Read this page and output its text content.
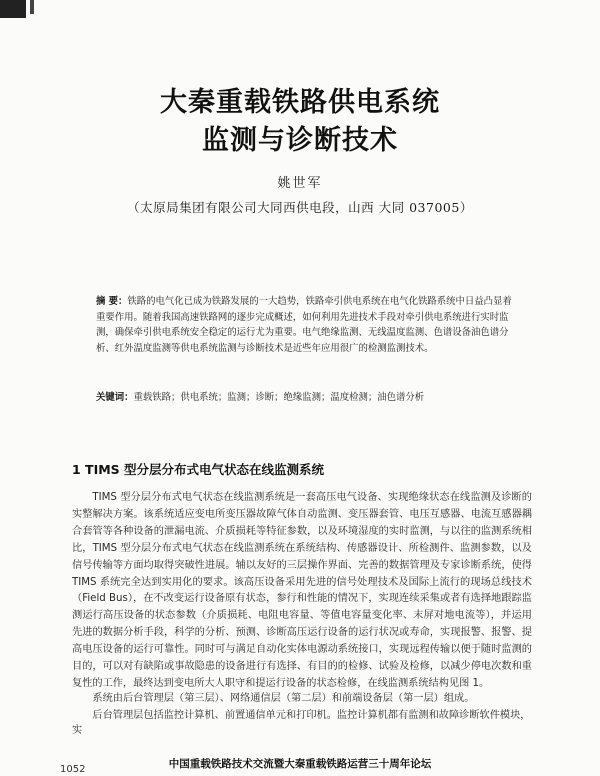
大秦重载铁路供电系统
监测与诊断技术
姚世军
（太原局集团有限公司大同西供电段，山西 大同 037005）
摘 要：铁路的电气化已成为铁路发展的一大趋势，铁路牵引供电系统在电气化铁路系统中日益凸显着重要作用。随着我国高速铁路网的逐步完成概述，如何利用先进技术手段对牵引供电系统进行实时监测，确保牵引供电系统安全稳定的运行尤为重要。电气绝缘监测、无线温度监测、色谱设备油色谱分析、红外温度监测等供电系统监测与诊断技术是近些年应用很广的检测监测技术。
关键词：重载铁路；供电系统；监测；诊断；绝缘监测；温度检测；油色谱分析
1 TIMS 型分层分布式电气状态在线监测系统
TIMS 型分层分布式电气状态在线监测系统是一套高压电气设备、实现绝缘状态在线监测及诊断的实整解决方案。该系统适应变电所变压器故障气体自动监测、变压器套管、电压互感器、电流互感器耦合套管等各种设备的泄漏电流、介质损耗等特征参数，以及环境湿度的实时监测，与以往的监测系统相比，TIMS 型分层分布式电气状态在线监测系统在系统结构、传感器设计、所检测件、监测参数，以及信号传输等方面均取得突破性进展。辅以友好的三层操作界面、完善的数据管理及专家诊断系统，使得 TIMS 系统完全达到实用化的要求。该高压设备采用先进的信号处理技术及国际上流行的现场总线技术（Field Bus），在不改变运行设备原有状态，参行和性能的情况下，实现连续采集或者有选择地跟踪监测运行高压设备的状态参数（介质损耗、电阻电容量、等值电容量变化率、末屏对地电流等），并运用先进的数据分析手段，科学的分析、预测、诊断高压运行设备的运行状况或寿命，实现报警、报警、提高电压设备的运行可靠性。同时可与满足自动化实体电源动系统接口，实现远程传输以便于随时监测的目的，可以对有缺陷或事故隐患的设备进行有选择、有目的的检修、试验及检修，以减少停电次数和重复性的工作，最终达到变电所大人职守和提运行设备的状态检修，在线监测系统结构见图 1。
系统由后台管理层（第三层）、网络通信层（第二层）和前端设备层（第一层）组成。
后台管理层包括监控计算机、前置通信单元和打印机。监控计算机都有监测和故障诊断软件模块，实
中国重载铁路技术交流暨大秦重载铁路运营三十周年论坛
1052
